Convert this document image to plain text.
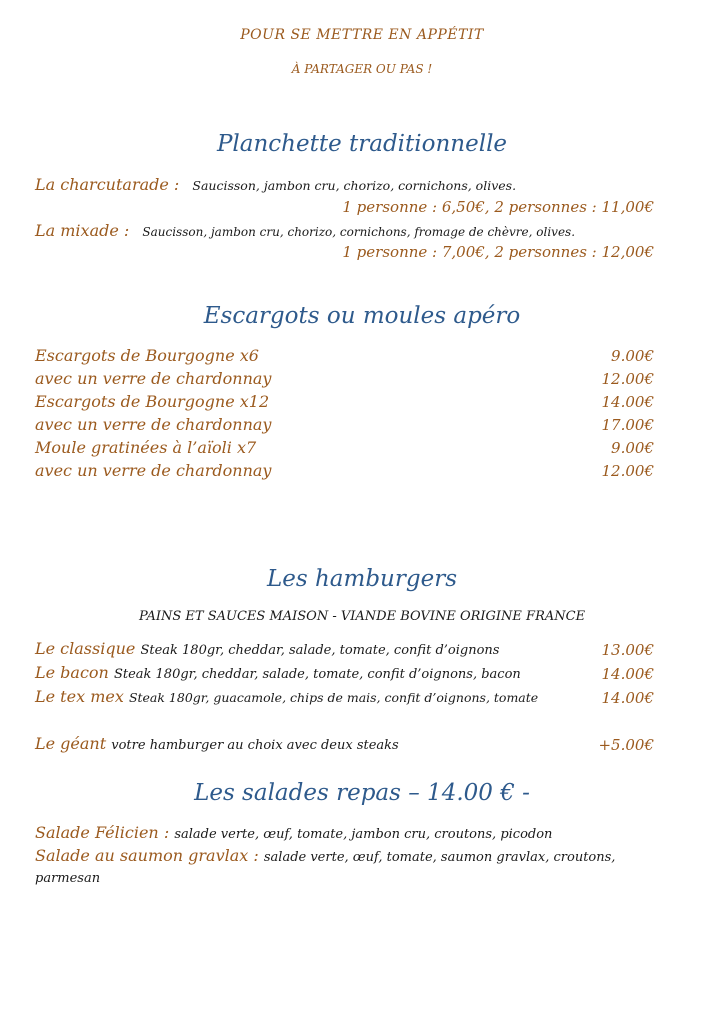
POUR SE METTRE EN APPÉTIT
À PARTAGER OU PAS !
Planchette traditionnelle
La charcutarade : Saucisson, jambon cru, chorizo, cornichons, olives.
1 personne : 6,50€, 2 personnes : 11,00€
La mixade : Saucisson, jambon cru, chorizo, cornichons, fromage de chèvre, olives.
1 personne : 7,00€, 2 personnes : 12,00€
Escargots ou moules apéro
Escargots de Bourgogne x6	9.00€
avec un verre de chardonnay	12.00€
Escargots de Bourgogne x12	14.00€
avec un verre de chardonnay	17.00€
Moule gratinées à l’aïoli x7	9.00€
avec un verre de chardonnay	12.00€
Les hamburgers
PAINS ET SAUCES MAISON - VIANDE BOVINE ORIGINE FRANCE
Le classique Steak 180gr, cheddar, salade, tomate, confit d’oignons	13.00€
Le bacon Steak 180gr, cheddar, salade, tomate, confit d’oignons, bacon	14.00€
Le tex mex Steak 180gr, guacamole, chips de mais, confit d’oignons, tomate	14.00€
Le géant votre hamburger au choix avec deux steaks	+5.00€
Les salades repas – 14.00 € -
Salade Félicien : salade verte, œuf, tomate, jambon cru, croutons, picodon
Salade au saumon gravlax : salade verte, œuf, tomate, saumon gravlax, croutons,
parmesan
